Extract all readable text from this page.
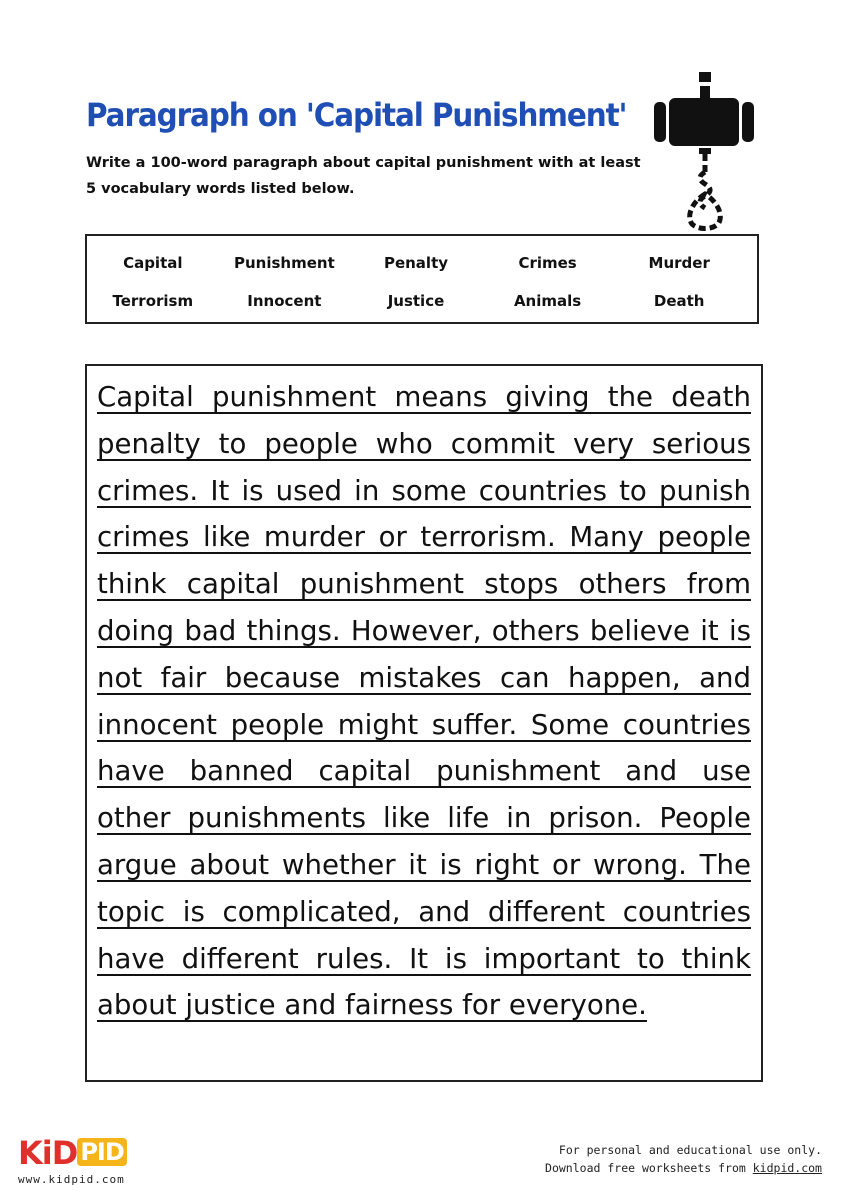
Paragraph on 'Capital Punishment'

Write a 100-word paragraph about capital punishment with at least 5 vocabulary words listed below.

Capital	Punishment	Penalty	Crimes	Murder
Terrorism	Innocent	Justice	Animals	Death

Capital punishment means giving the death penalty to people who commit very serious crimes. It is used in some countries to punish crimes like murder or terrorism. Many people think capital punishment stops others from doing bad things. However, others believe it is not fair because mistakes can happen, and innocent people might suffer. Some countries have banned capital punishment and use other punishments like life in prison. People argue about whether it is right or wrong. The topic is complicated, and different countries have different rules. It is important to think about justice and fairness for everyone.

KiD PID
www.kidpid.com
For personal and educational use only.
Download free worksheets from kidpid.com
